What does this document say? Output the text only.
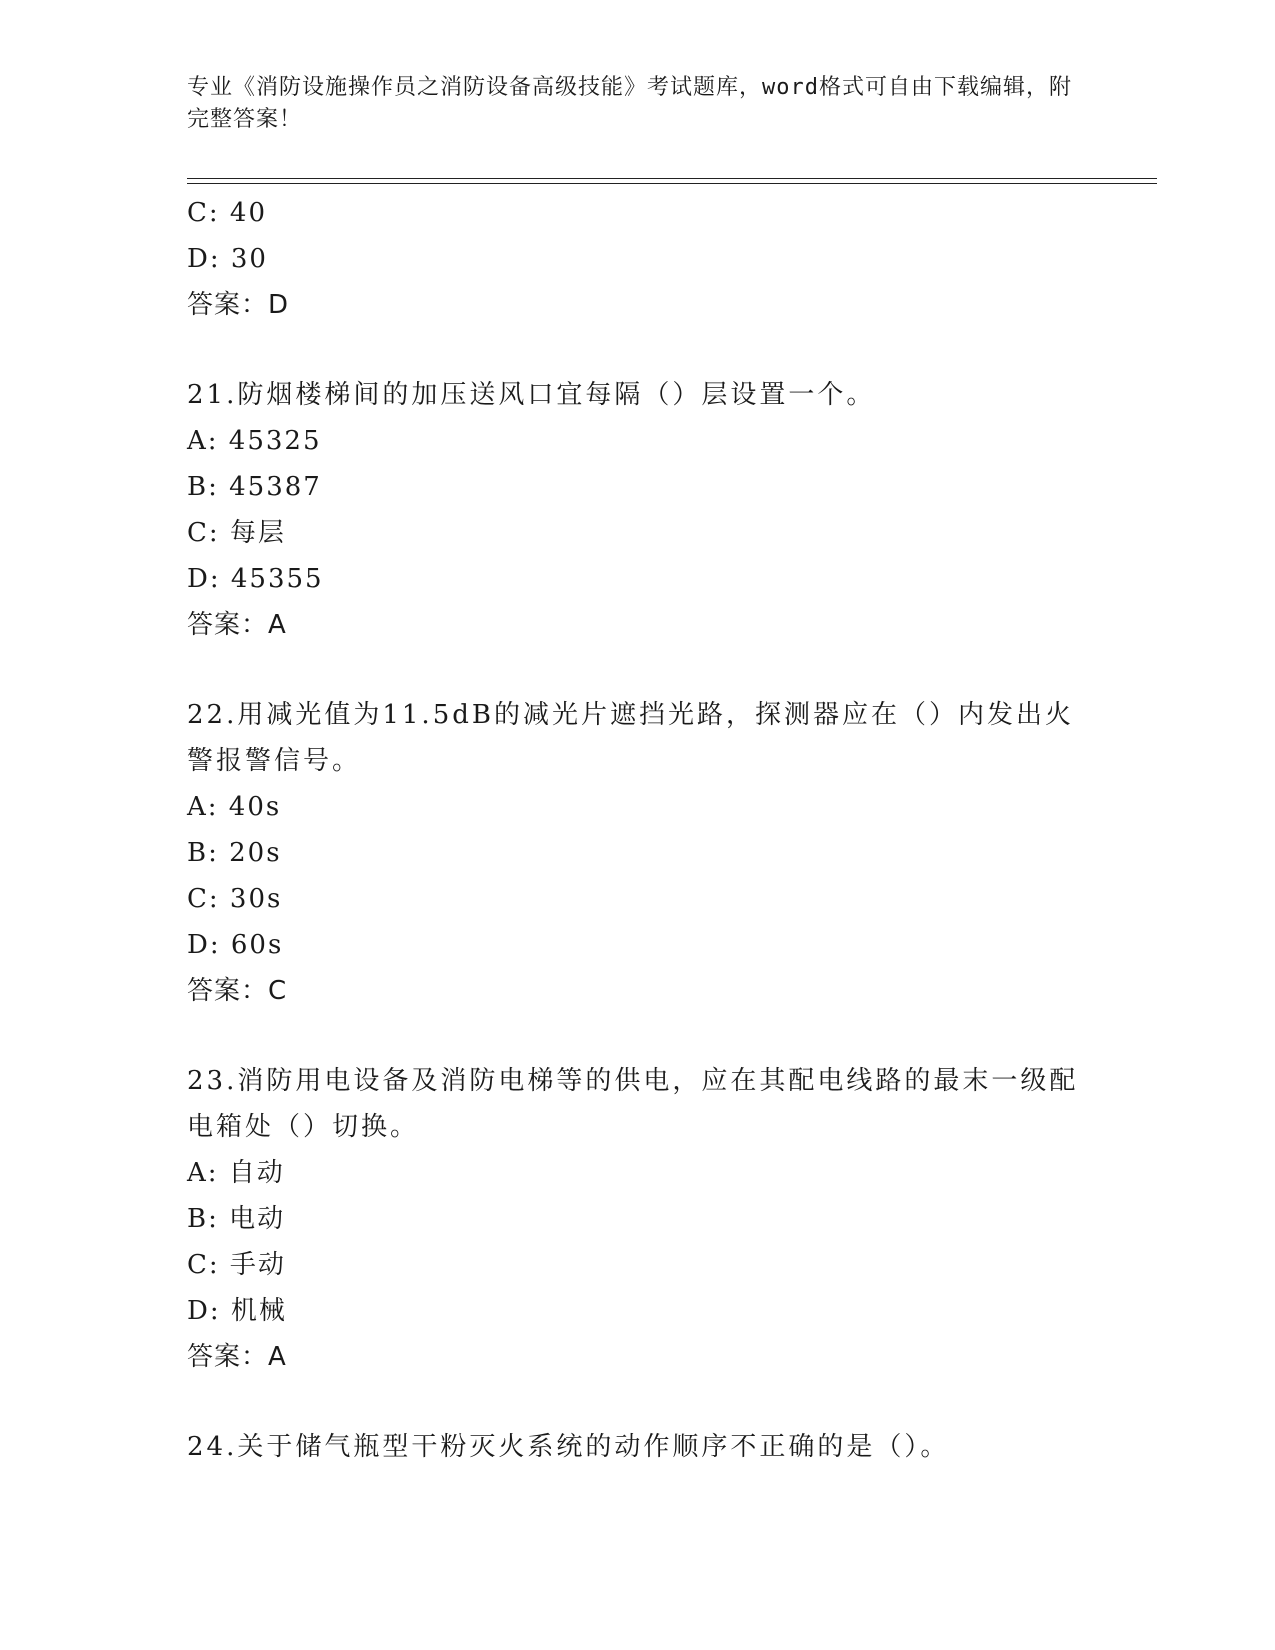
专业《消防设施操作员之消防设备高级技能》考试题库，word格式可自由下载编辑，附完整答案！
C: 40
D: 30
答案：D
21.防烟楼梯间的加压送风口宜每隔（）层设置一个。
A: 45325
B: 45387
C: 每层
D: 45355
答案：A
22.用减光值为11.5dB的减光片遮挡光路，探测器应在（）内发出火警报警信号。
A: 40s
B: 20s
C: 30s
D: 60s
答案：C
23.消防用电设备及消防电梯等的供电，应在其配电线路的最末一级配电箱处（）切换。
A: 自动
B: 电动
C: 手动
D: 机械
答案：A
24.关于储气瓶型干粉灭火系统的动作顺序不正确的是（）。
